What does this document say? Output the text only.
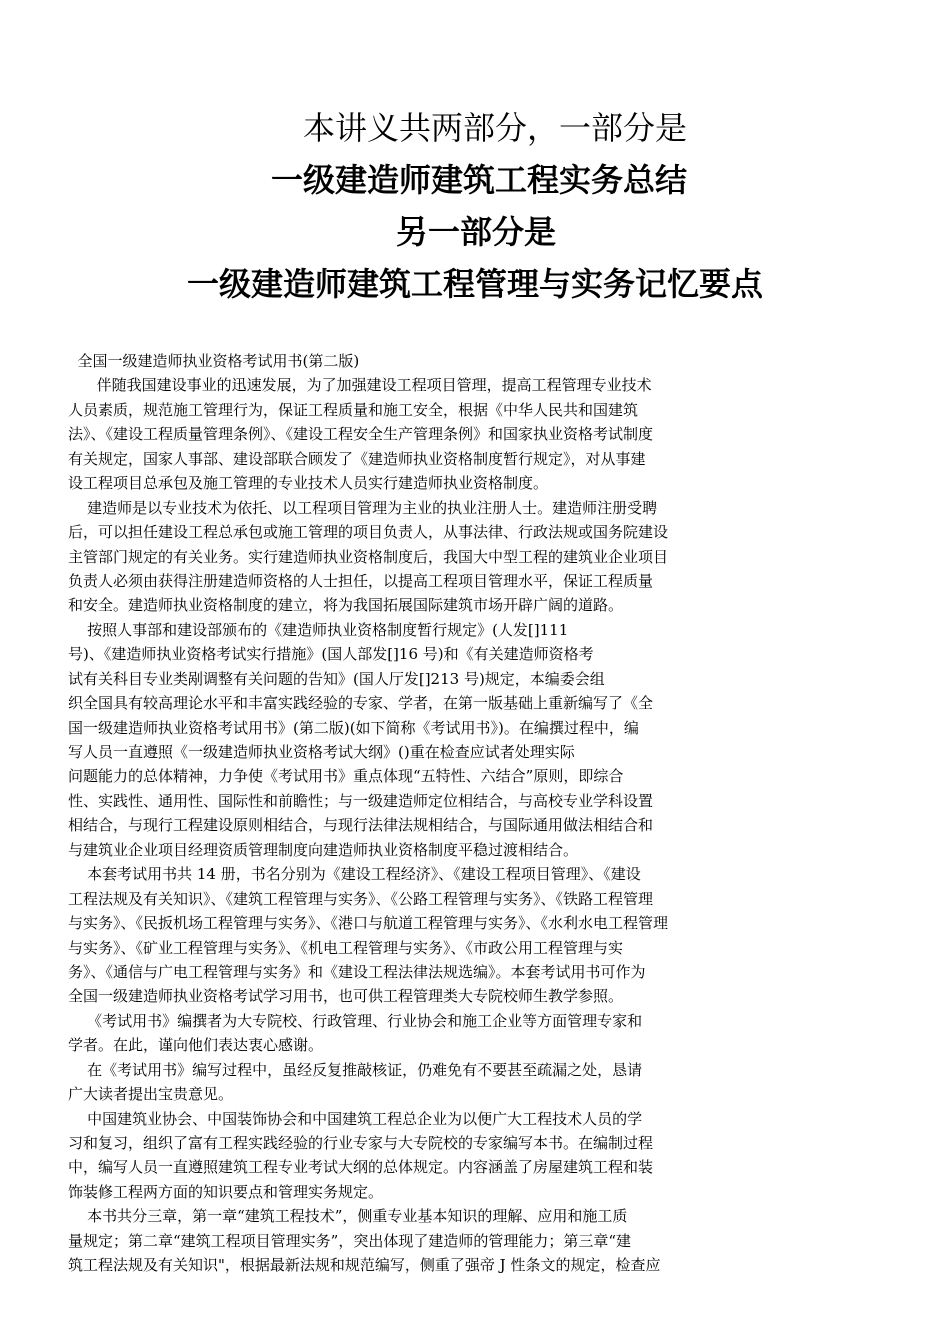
本讲义共两部分，一部分是
一级建造师建筑工程实务总结
另一部分是
一级建造师建筑工程管理与实务记忆要点
全国一级建造师执业资格考试用书(第二版)
伴随我国建设事业的迅速发展，为了加强建设工程项目管理，提高工程管理专业技术
人员素质，规范施工管理行为，保证工程质量和施工安全，根据《中华人民共和国建筑
法》、《建设工程质量管理条例》、《建设工程安全生产管理条例》和国家执业资格考试制度
有关规定，国家人事部、建设部联合顾发了《建造师执业资格制度暂行规定》，对从事建
设工程项目总承包及施工管理的专业技术人员实行建造师执业资格制度。
建造师是以专业技术为依托、以工程项目管理为主业的执业注册人士。建造师注册受聘
后，可以担任建设工程总承包或施工管理的项目负责人，从事法律、行政法规或国务院建设
主管部门规定的有关业务。实行建造师执业资格制度后，我国大中型工程的建筑业企业项目
负责人必须由获得注册建造师资格的人士担任，以提高工程项目管理水平，保证工程质量
和安全。建造师执业资格制度的建立，将为我国拓展国际建筑市场开辟广阔的道路。
按照人事部和建设部颁布的《建造师执业资格制度暂行规定》(人发[]111
号)、《建造师执业资格考试实行措施》(国人部发[]16 号)和《有关建造师资格考
试有关科目专业类剐调整有关问题的告知》(国人厅发[]213 号)规定，本编委会组
织全国具有较高理论水平和丰富实践经验的专家、学者，在第一版基础上重新编写了《全
国一级建造师执业资格考试用书》(第二版)(如下简称《考试用书》)。在编撰过程中，编
写人员一直遵照《一级建造师执业资格考试大纲》()重在检查应试者处理实际
问题能力的总体精神，力争使《考试用书》重点体现“五特性、六结合”原则，即综合
性、实践性、通用性、国际性和前瞻性；与一级建造师定位相结合，与高校专业学科设置
相结合，与现行工程建设原则相结合，与现行法律法规相结合，与国际通用做法相结合和
与建筑业企业项目经理资质管理制度向建造师执业资格制度平稳过渡相结合。
本套考试用书共 14 册，书名分别为《建设工程经济》、《建设工程项目管理》、《建设
工程法规及有关知识》、《建筑工程管理与实务》、《公路工程管理与实务》、《铁路工程管理
与实务》、《民扳机场工程管理与实务》、《港口与航道工程管理与实务》、《水利水电工程管理
与实务》、《矿业工程管理与实务》、《机电工程管理与实务》、《市政公用工程管理与实
务》、《通信与广电工程管理与实务》和《建设工程法律法规选编》。本套考试用书可作为
全国一级建造师执业资格考试学习用书，也可供工程管理类大专院校师生教学参照。
《考试用书》编撰者为大专院校、行政管理、行业协会和施工企业等方面管理专家和
学者。在此，谨向他们表达衷心感谢。
在《考试用书》编写过程中，虽经反复推敲核证，仍难免有不要甚至疏漏之处，恳请
广大读者提出宝贵意见。
中国建筑业协会、中国装饰协会和中国建筑工程总企业为以便广大工程技术人员的学
习和复习，组织了富有工程实践经验的行业专家与大专院校的专家编写本书。在编制过程
中，编写人员一直遵照建筑工程专业考试大纲的总体规定。内容涵盖了房屋建筑工程和装
饰装修工程两方面的知识要点和管理实务规定。
本书共分三章，第一章“建筑工程技术”，侧重专业基本知识的理解、应用和施工质
量规定；第二章“建筑工程项目管理实务”，突出体现了建造师的管理能力；第三章“建
筑工程法规及有关知识"，根据最新法规和规范编写，侧重了强帝 J 性条文的规定，检查应
